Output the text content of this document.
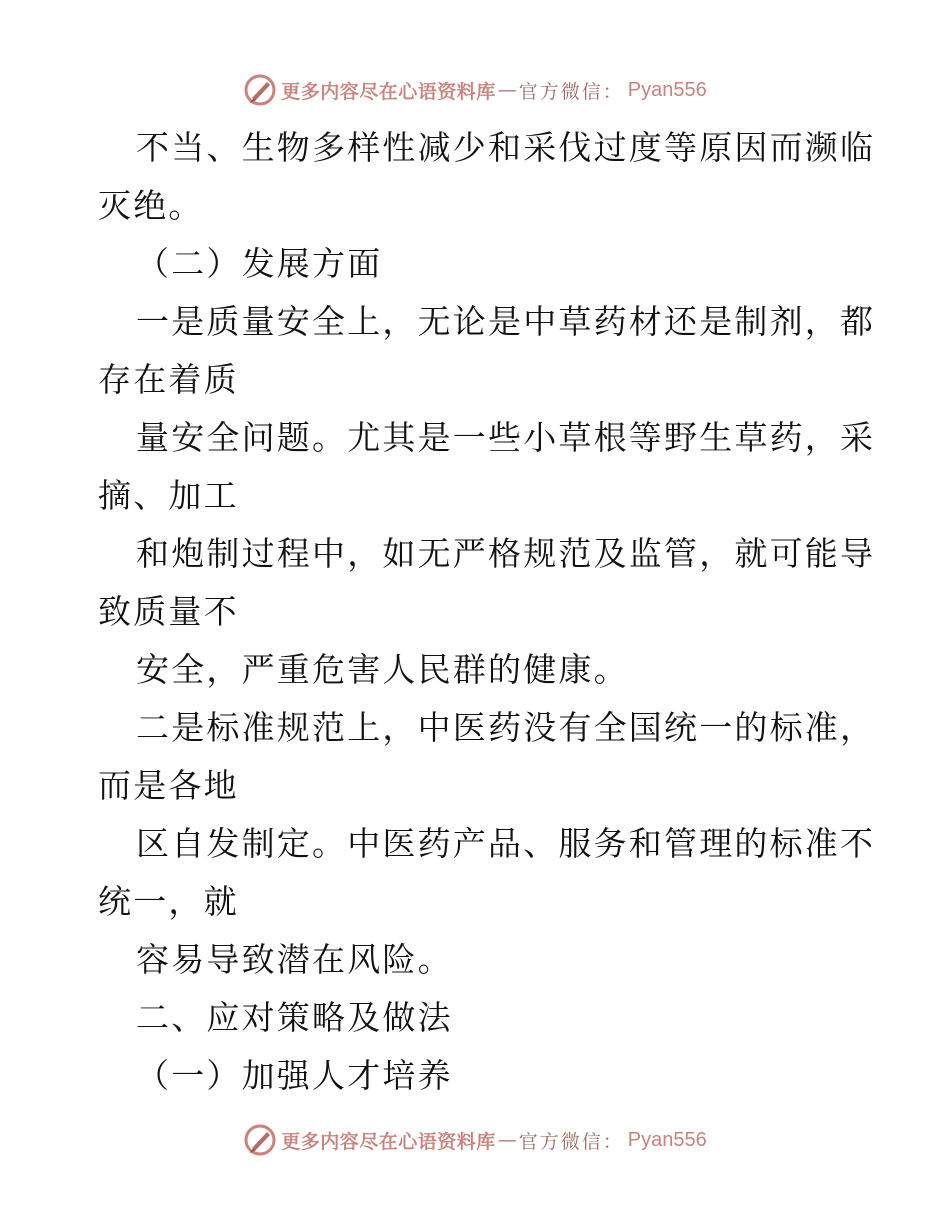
更多内容尽在心语资料库 — 官方微信： Pyan556
不当、生物多样性减少和采伐过度等原因而濒临
灭绝。
（二）发展方面
一是质量安全上，无论是中草药材还是制剂，都
存在着质
量安全问题。尤其是一些小草根等野生草药，采
摘、加工
和炮制过程中，如无严格规范及监管，就可能导
致质量不
安全，严重危害人民群的健康。
二是标准规范上，中医药没有全国统一的标准，
而是各地
区自发制定。中医药产品、服务和管理的标准不
统一，就
容易导致潜在风险。
二、应对策略及做法
（一）加强人才培养
更多内容尽在心语资料库 — 官方微信： Pyan556
